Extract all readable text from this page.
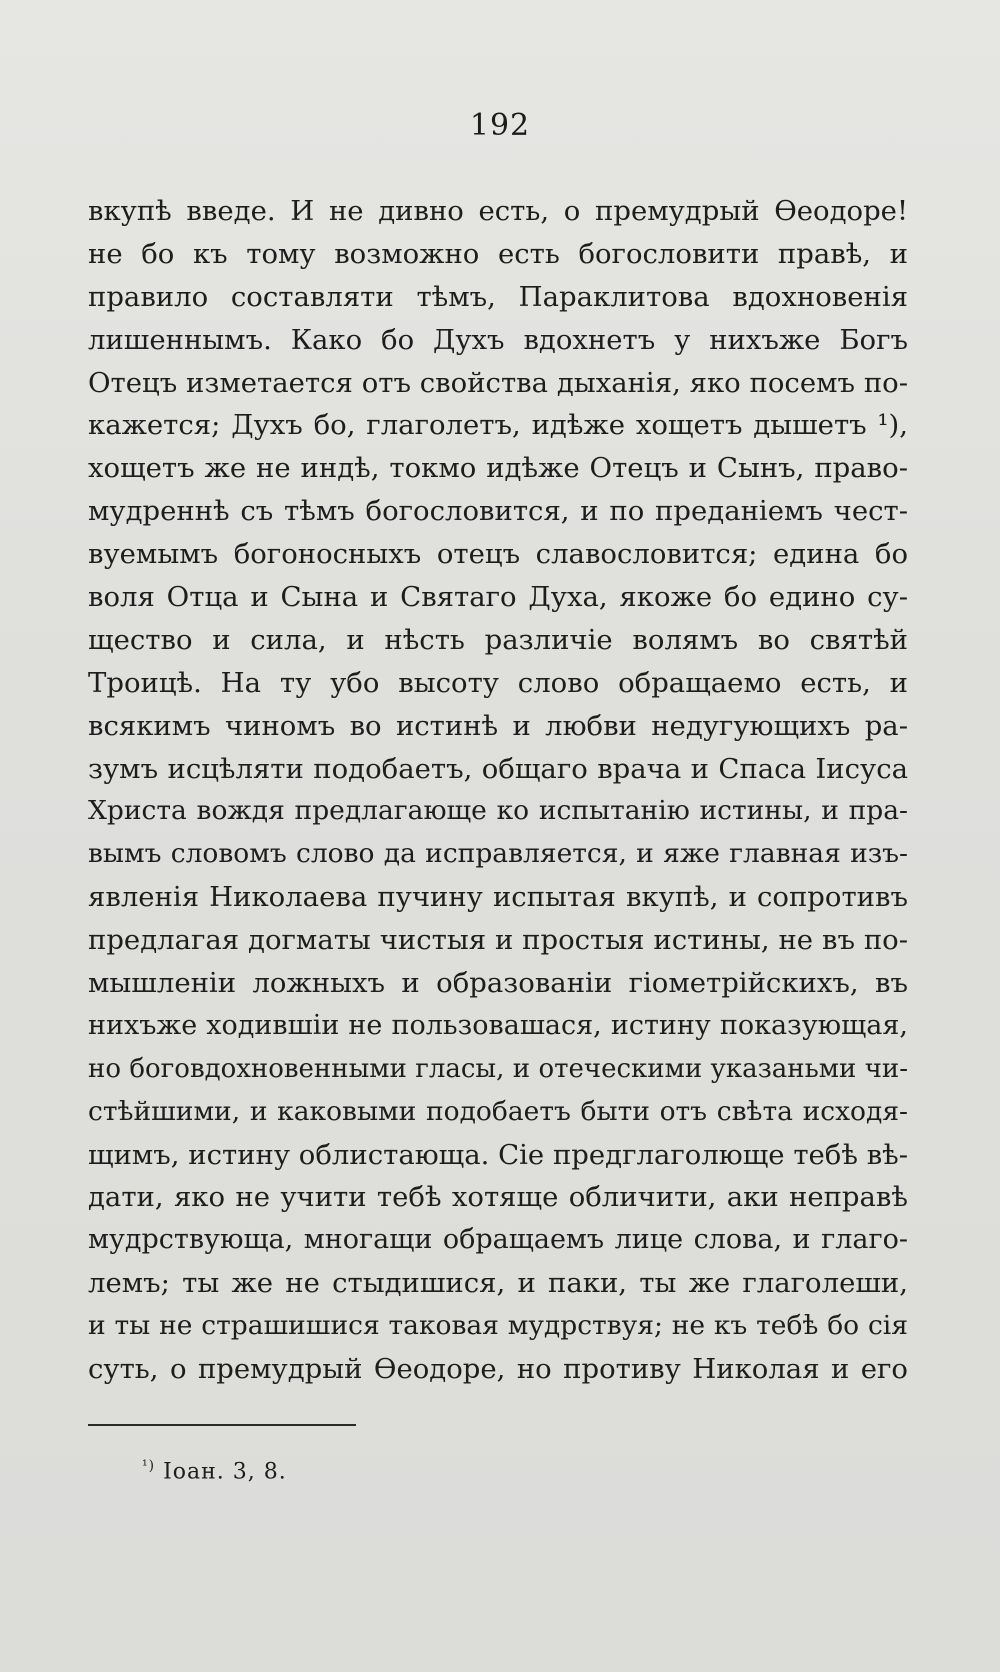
192
вкупѣ введе. И не дивно есть, о премудрый Ѳеодоре!
не бо къ тому возможно есть богословити правѣ, и
правило составляти тѣмъ, Параклитова вдохновенія
лишеннымъ. Како бо Духъ вдохнетъ у нихъже Богъ
Отецъ изметается отъ свойства дыханія, яко посемъ по-
кажется; Духъ бо, глаголетъ, идѣже хощетъ дышетъ ¹),
хощетъ же не индѣ, токмо идѣже Отецъ и Сынъ, право-
мудреннѣ съ тѣмъ богословится, и по преданіемъ чест-
вуемымъ богоносныхъ отецъ славословится; едина бо
воля Отца и Сына и Святаго Духа, якоже бо едино су-
щество и сила, и нѣсть различіе волямъ во святѣй
Троицѣ. На ту убо высоту слово обращаемо есть, и
всякимъ чиномъ во истинѣ и любви недугующихъ ра-
зумъ исцѣляти подобаетъ, общаго врача и Спаса Іисуса
Христа вождя предлагающе ко испытанію истины, и пра-
вымъ словомъ слово да исправляется, и яже главная изъ-
явленія Николаева пучину испытая вкупѣ, и сопротивъ
предлагая догматы чистыя и простыя истины, не въ по-
мышленіи ложныхъ и образованіи гіометрійскихъ, въ
нихъже ходившіи не пользовашася, истину показующая,
но боговдохновенными гласы, и отеческими указаньми чи-
стѣйшими, и каковыми подобаетъ быти отъ свѣта исходя-
щимъ, истину облистающа. Сіе предглаголюще тебѣ вѣ-
дати, яко не учити тебѣ хотяще обличити, аки неправѣ
мудрствующа, многащи обращаемъ лице слова, и глаго-
лемъ; ты же не стыдишися, и паки, ты же глаголеши,
и ты не страшишися таковая мудрствуя; не къ тебѣ бо сія
суть, о премудрый Ѳеодоре, но противу Николая и его
$^{^1)}$ Іоан. 3, 8.
